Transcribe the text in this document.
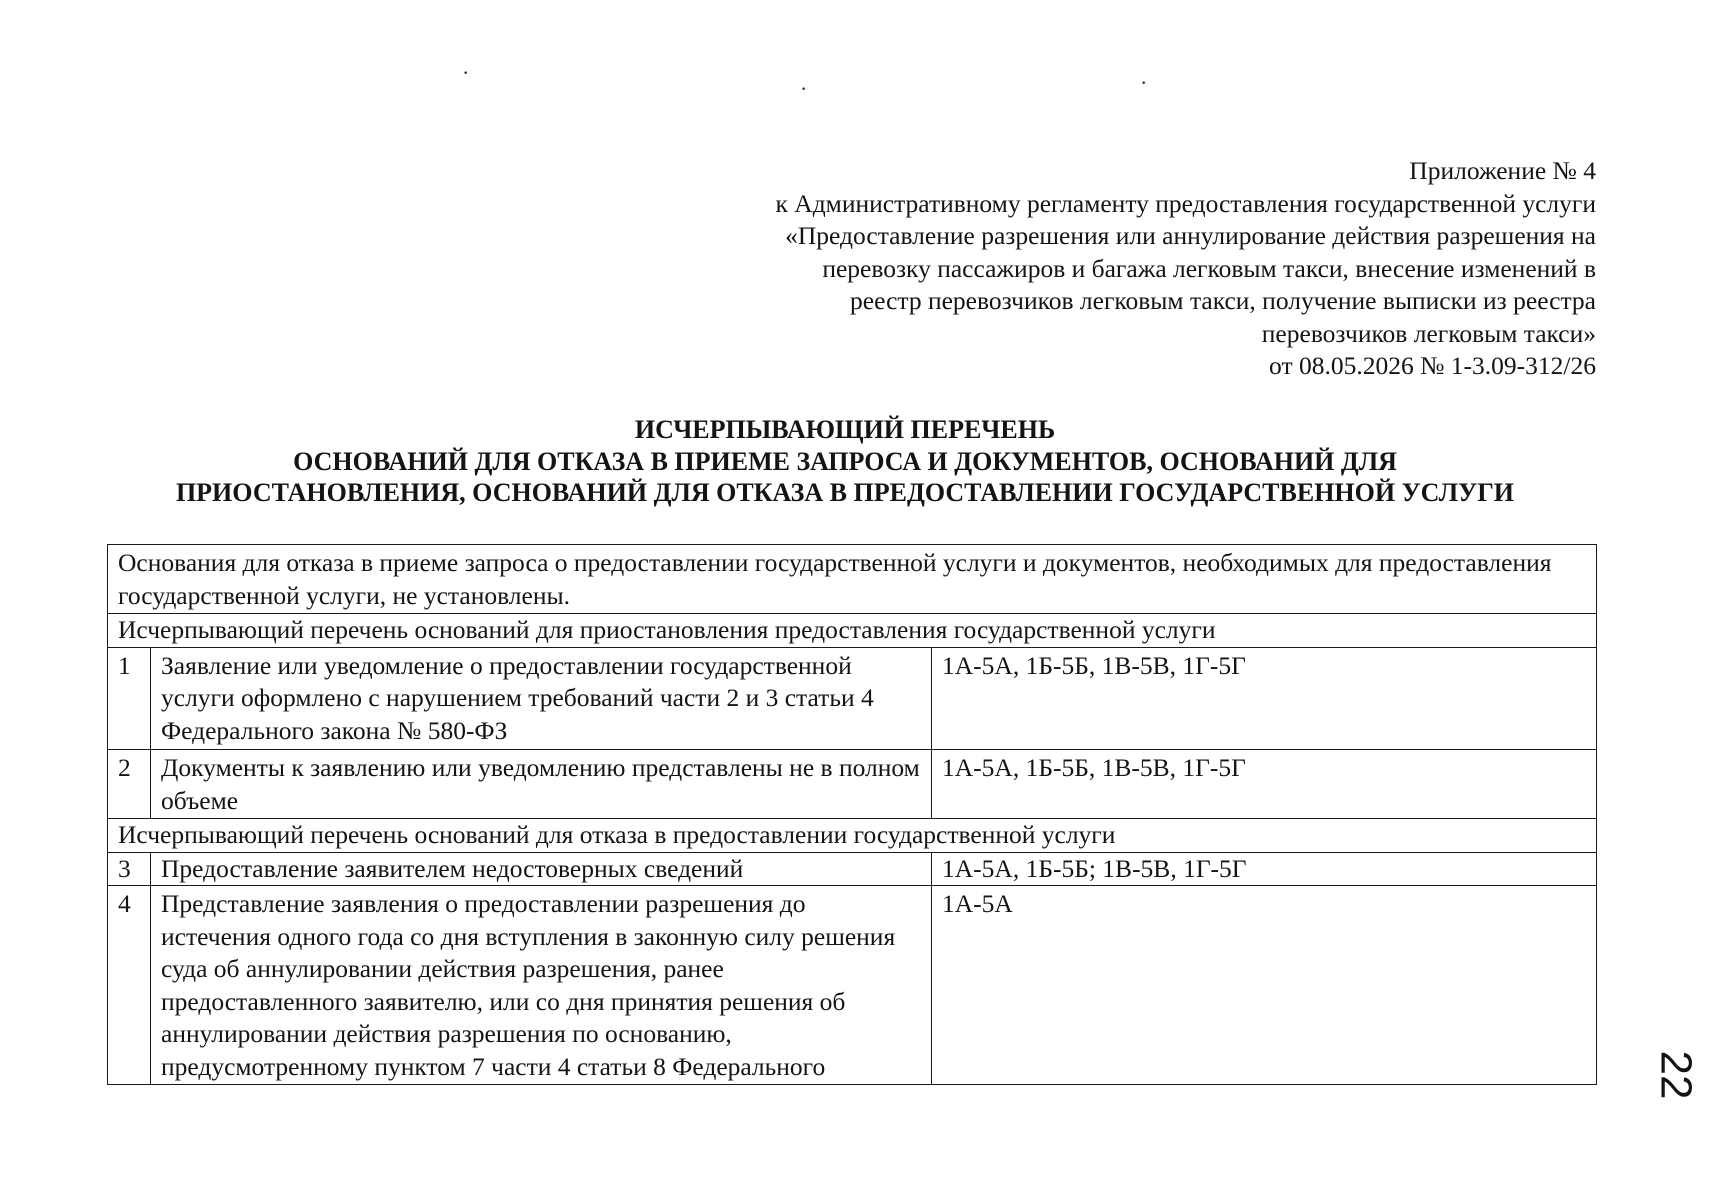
·
·	·
Приложение № 4
к Административному регламенту предоставления государственной услуги
«Предоставление разрешения или аннулирование действия разрешения на
перевозку пассажиров и багажа легковым такси, внесение изменений в
реестр перевозчиков легковым такси, получение выписки из реестра
перевозчиков легковым такси»
от 08.05.2026 № 1-3.09-312/26
ИСЧЕРПЫВАЮЩИЙ ПЕРЕЧЕНЬ
ОСНОВАНИЙ ДЛЯ ОТКАЗА В ПРИЕМЕ ЗАПРОСА И ДОКУМЕНТОВ, ОСНОВАНИЙ ДЛЯ
ПРИОСТАНОВЛЕНИЯ, ОСНОВАНИЙ ДЛЯ ОТКАЗА В ПРЕДОСТАВЛЕНИИ ГОСУДАРСТВЕННОЙ УСЛУГИ
Основания для отказа в приеме запроса о предоставлении государственной услуги и документов, необходимых для предоставления государственной услуги, не установлены.		
Исчерпывающий перечень оснований для приостановления предоставления государственной услуги		
1	Заявление или уведомление о предоставлении государственной услуги оформлено с нарушением требований части 2 и 3 статьи 4 Федерального закона № 580-ФЗ	1А-5А, 1Б-5Б, 1В-5В, 1Г-5Г
2	Документы к заявлению или уведомлению представлены не в полном объеме	1А-5А, 1Б-5Б, 1В-5В, 1Г-5Г
Исчерпывающий перечень оснований для отказа в предоставлении государственной услуги		
3	Предоставление заявителем недостоверных сведений	1А-5А, 1Б-5Б; 1В-5В, 1Г-5Г
4	Представление заявления о предоставлении разрешения до истечения одного года со дня вступления в законную силу решения суда об аннулировании действия разрешения, ранее предоставленного заявителю, или со дня принятия решения об аннулировании действия разрешения по основанию, предусмотренному пунктом 7 части 4 статьи 8 Федерального	1А-5А
22
